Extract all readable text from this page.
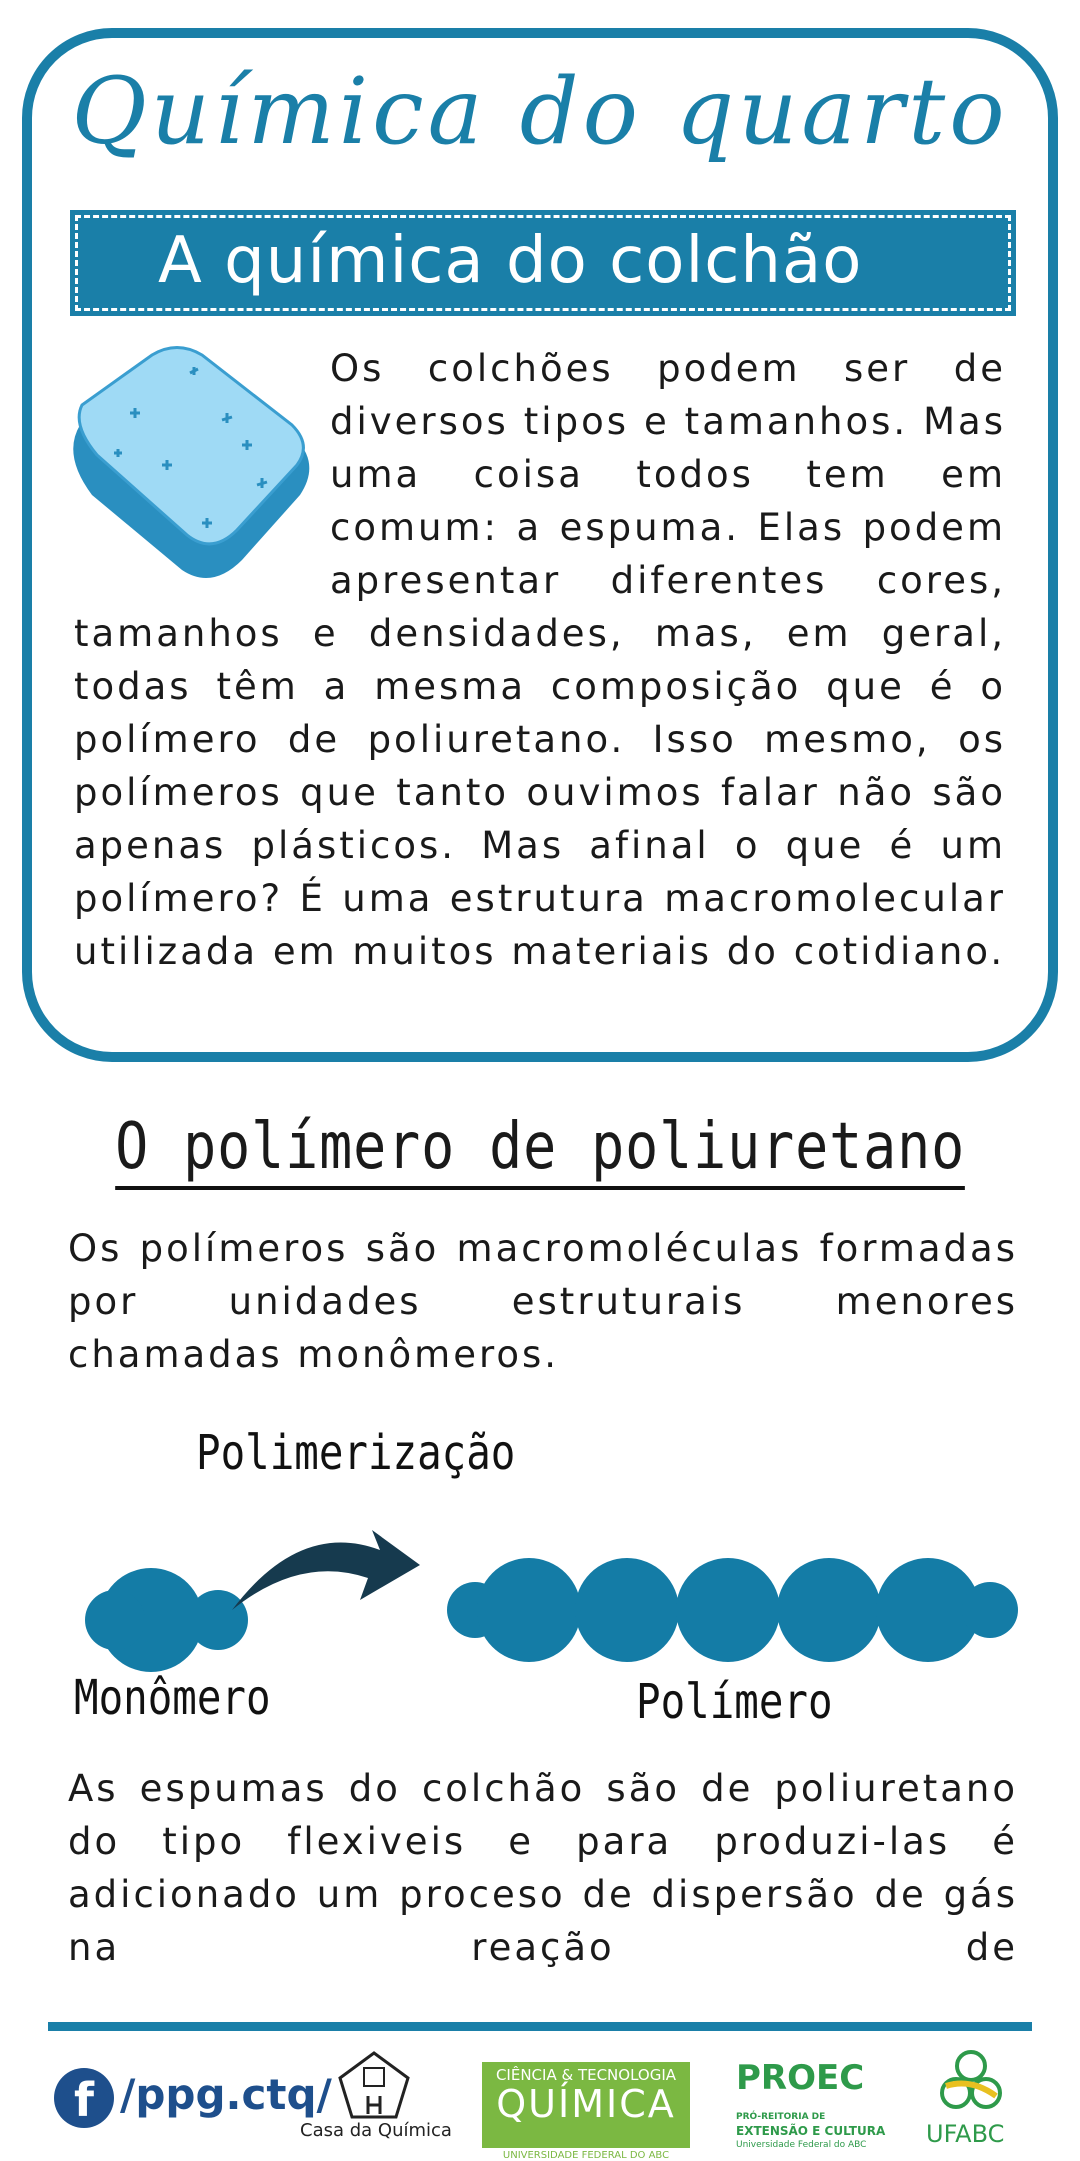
Química do quarto
A química do colchão
Os colchões podem ser de diversos tipos e tamanhos. Mas uma coisa todos tem em comum: a espuma. Elas podem apresentar diferentes cores, tamanhos e densidades, mas, em geral, todas têm a mesma composição que é o polímero de poliuretano. Isso mesmo, os polímeros que tanto ouvimos falar não são apenas plásticos. Mas afinal o que é um polímero? É uma estrutura macromolecular utilizada em muitos materiais do cotidiano.
O polímero de poliuretano
Os polímeros são macromoléculas formadas por unidades estruturais menores chamadas monômeros.
Polimerização
Monômero	Polímero
As espumas do colchão são de poliuretano do tipo flexiveis e para produzi-las é adicionado um proceso de dispersão de gás na reação de
f /ppg.ctq/
Casa da Química
CIÊNCIA & TECNOLOGIA
QUÍMICA
UNIVERSIDADE FEDERAL DO ABC
PROEC
PRÓ-REITORIA DE
EXTENSÃO E CULTURA
Universidade Federal do ABC UFABC
